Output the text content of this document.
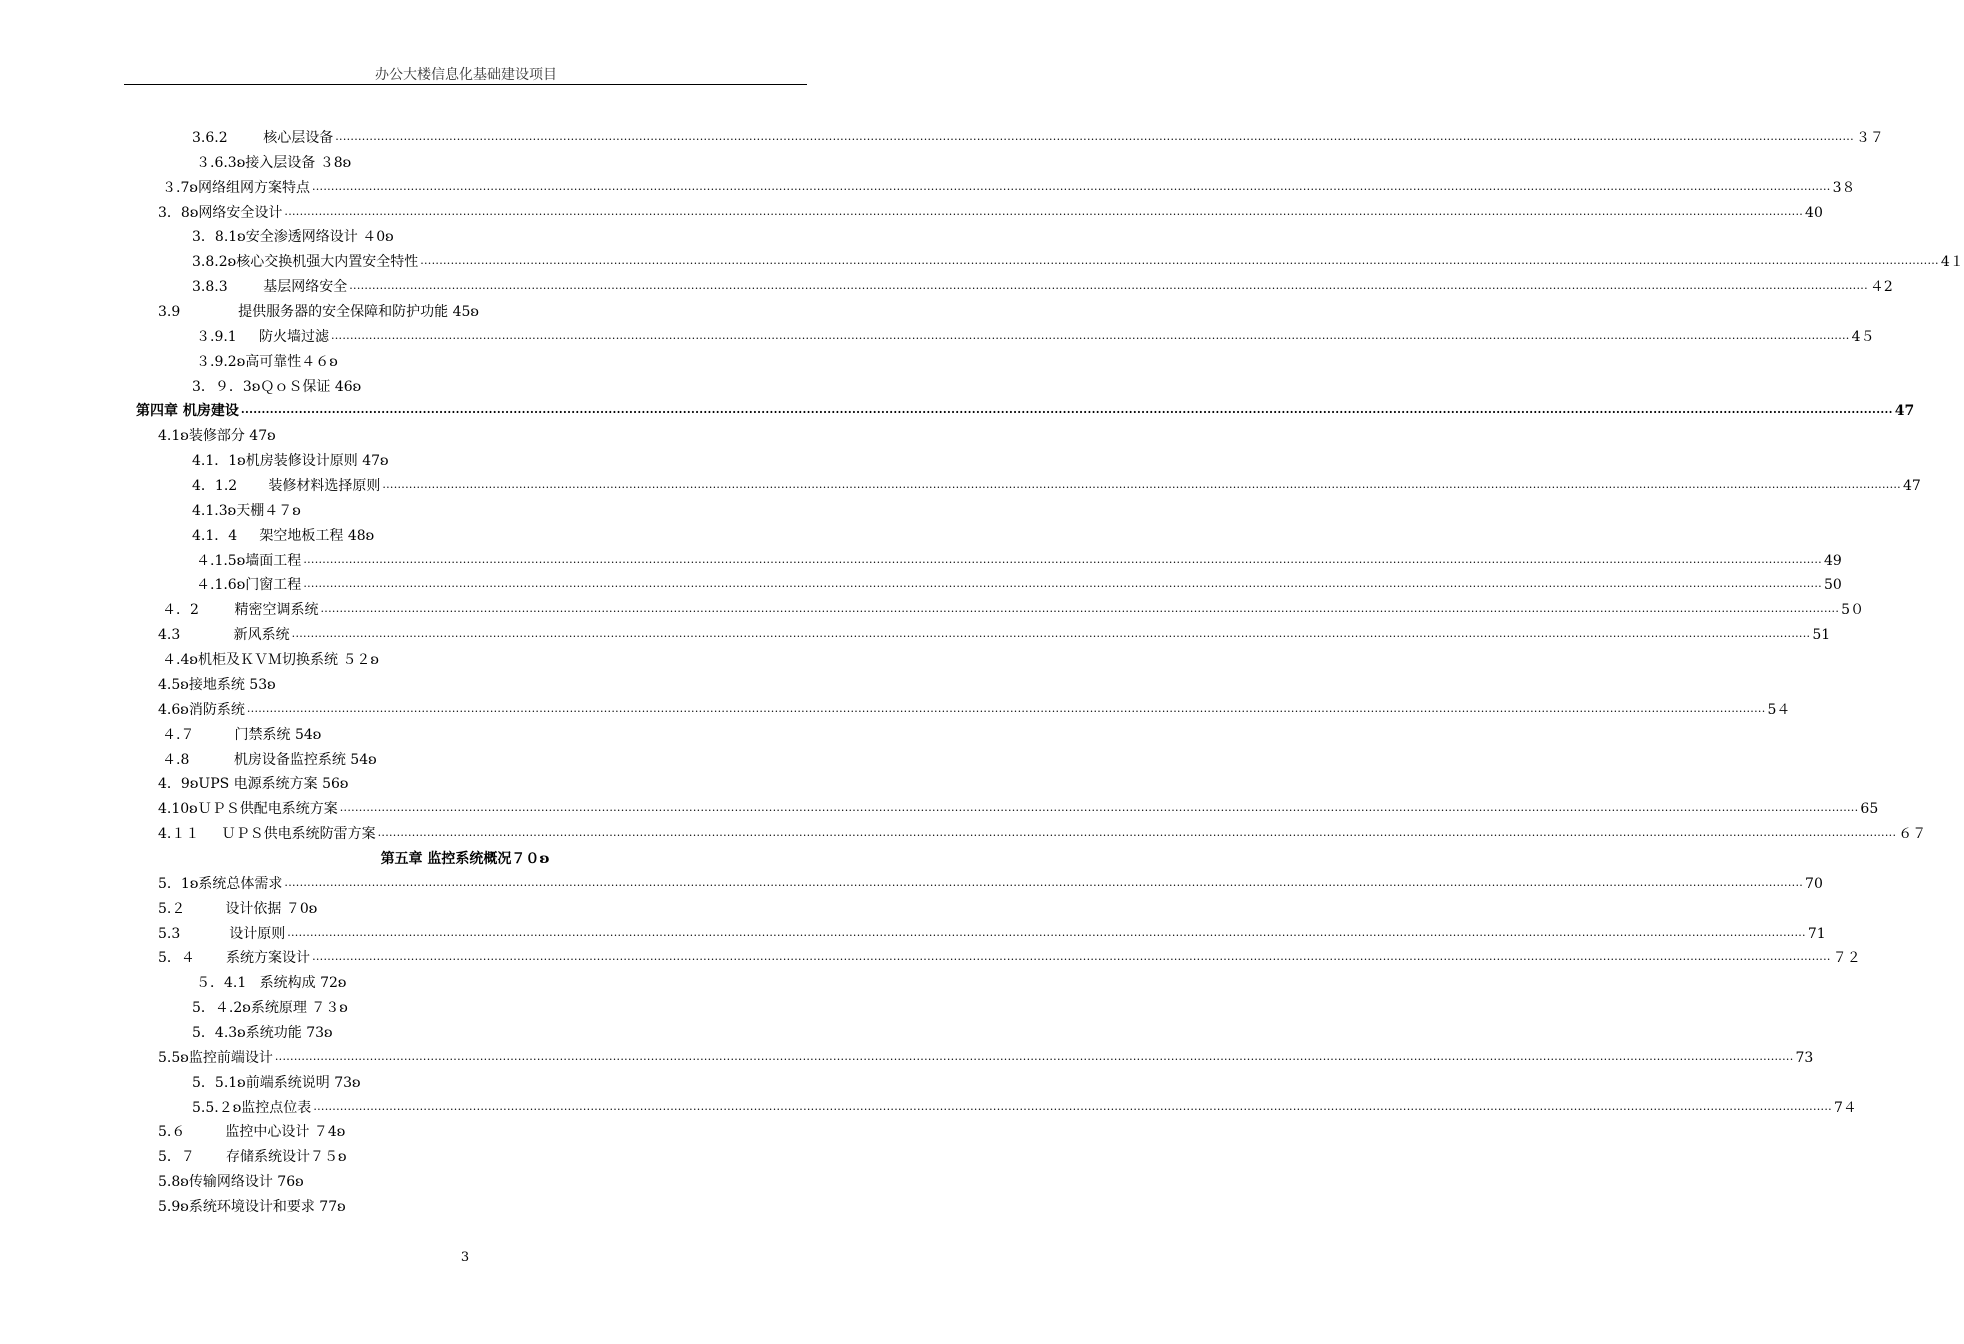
办公大楼信息化基础建设项目
3.6.2        核心层设备 ................................................................................................................................................................................................................................................................................................................................................................................................................ ３７
３.6.3ʚ接入层设备 ３8ʚ
３.7ʚ网络组网方案特点 ................................................................................................................................................................................................................................................................................................................................................................................................................ 3８
3．8ʚ网络安全设计 ................................................................................................................................................................................................................................................................................................................................................................................................................ 40
3．8.1ʚ安全渗透网络设计 ４0ʚ
3.8.2ʚ核心交换机强大内置安全特性 ................................................................................................................................................................................................................................................................................................................................................................................................................ 4１
3.8.3        基层网络安全 ................................................................................................................................................................................................................................................................................................................................................................................................................ ４2
3.9             提供服务器的安全保障和防护功能 45ʚ
３.9.1     防火墙过滤 ................................................................................................................................................................................................................................................................................................................................................................................................................ 4５
３.9.2ʚ高可靠性４６ʚ
3．９．3ʚＱｏＳ保证 46ʚ
第四章 机房建设 ................................................................................................................................................................................................................................................................................................................................................................................................................ 47
4.1ʚ装修部分 47ʚ
4.1．1ʚ机房装修设计原则 47ʚ
4．1.2       装修材料选择原则 ................................................................................................................................................................................................................................................................................................................................................................................................................ 47
4.1.3ʚ天棚４７ʚ
4.1．4     架空地板工程 48ʚ
４.1.5ʚ墙面工程 ................................................................................................................................................................................................................................................................................................................................................................................................................ 49
４.1.6ʚ门窗工程 ................................................................................................................................................................................................................................................................................................................................................................................................................ 50
４．2        精密空调系统 ................................................................................................................................................................................................................................................................................................................................................................................................................ 5０
4.3            新风系统 ................................................................................................................................................................................................................................................................................................................................................................................................................ 51
４.4ʚ机柜及ＫＶＭ切换系统 ５２ʚ
4.5ʚ接地系统 53ʚ
4.6ʚ消防系统 ................................................................................................................................................................................................................................................................................................................................................................................................................ 5４
４.７         门禁系统 54ʚ
４.8          机房设备监控系统 54ʚ
4．9ʚUPS 电源系统方案 56ʚ
4.10ʚＵＰＳ供配电系统方案 ................................................................................................................................................................................................................................................................................................................................................................................................................ 65
4.１１     ＵＰＳ供电系统防雷方案 ................................................................................................................................................................................................................................................................................................................................................................................................................ ６７
第五章 监控系统概况７０ʚ
5．1ʚ系统总体需求 ................................................................................................................................................................................................................................................................................................................................................................................................................ 70
5.２         设计依据 ７0ʚ
5.3           设计原则 ................................................................................................................................................................................................................................................................................................................................................................................................................ 71
5．４       系统方案设计 ................................................................................................................................................................................................................................................................................................................................................................................................................ ７２
５．4.1   系统构成 72ʚ
5．４.2ʚ系统原理 ７３ʚ
5．4.3ʚ系统功能 73ʚ
5.5ʚ监控前端设计 ................................................................................................................................................................................................................................................................................................................................................................................................................ 73
5．5.1ʚ前端系统说明 73ʚ
5.5.２ʚ监控点位表 ................................................................................................................................................................................................................................................................................................................................................................................................................ 7４
5.６         监控中心设计 ７4ʚ
5．７       存储系统设计７５ʚ
5.8ʚ传输网络设计 76ʚ
5.9ʚ系统环境设计和要求 77ʚ
3
